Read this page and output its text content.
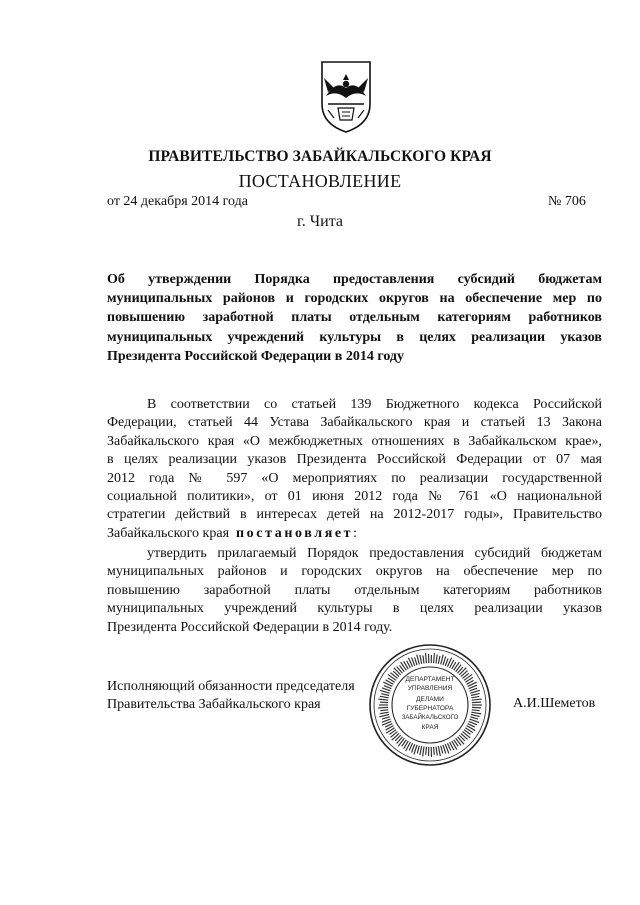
ПРАВИТЕЛЬСТВО ЗАБАЙКАЛЬСКОГО КРАЯ
ПОСТАНОВЛЕНИЕ
от 24 декабря 2014 года	№ 706
г. Чита
Об утверждении Порядка предоставления субсидий бюджетам
муниципальных районов и городских округов на обеспечение мер по
повышению заработной платы отдельным категориям работников
муниципальных учреждений культуры в целях реализации указов
Президента Российской Федерации в 2014 году
В соответствии со статьей 139 Бюджетного кодекса Российской
Федерации, статьей 44 Устава Забайкальского края и статьей 13 Закона
Забайкальского края «О межбюджетных отношениях в Забайкальском крае»,
в целях реализации указов Президента Российской Федерации от 07 мая
2012 года № 597 «О мероприятиях по реализации государственной
социальной политики», от 01 июня 2012 года № 761 «О национальной
стратегии действий в интересах детей на 2012-2017 годы», Правительство
Забайкальского края постановляет:
утвердить прилагаемый Порядок предоставления субсидий бюджетам
муниципальных районов и городских округов на обеспечение мер по
повышению заработной платы отдельным категориям работников
муниципальных учреждений культуры в целях реализации указов
Президента Российской Федерации в 2014 году.
Исполняющий обязанности председателя
Правительства Забайкальского края	А.И.Шеметов
ДЕПАРТАМЕНТ
УПРАВЛЕНИЯ
ДЕЛАМИ
ГУБЕРНАТОРА
ЗАБАЙКАЛЬСКОГО
КРАЯ
